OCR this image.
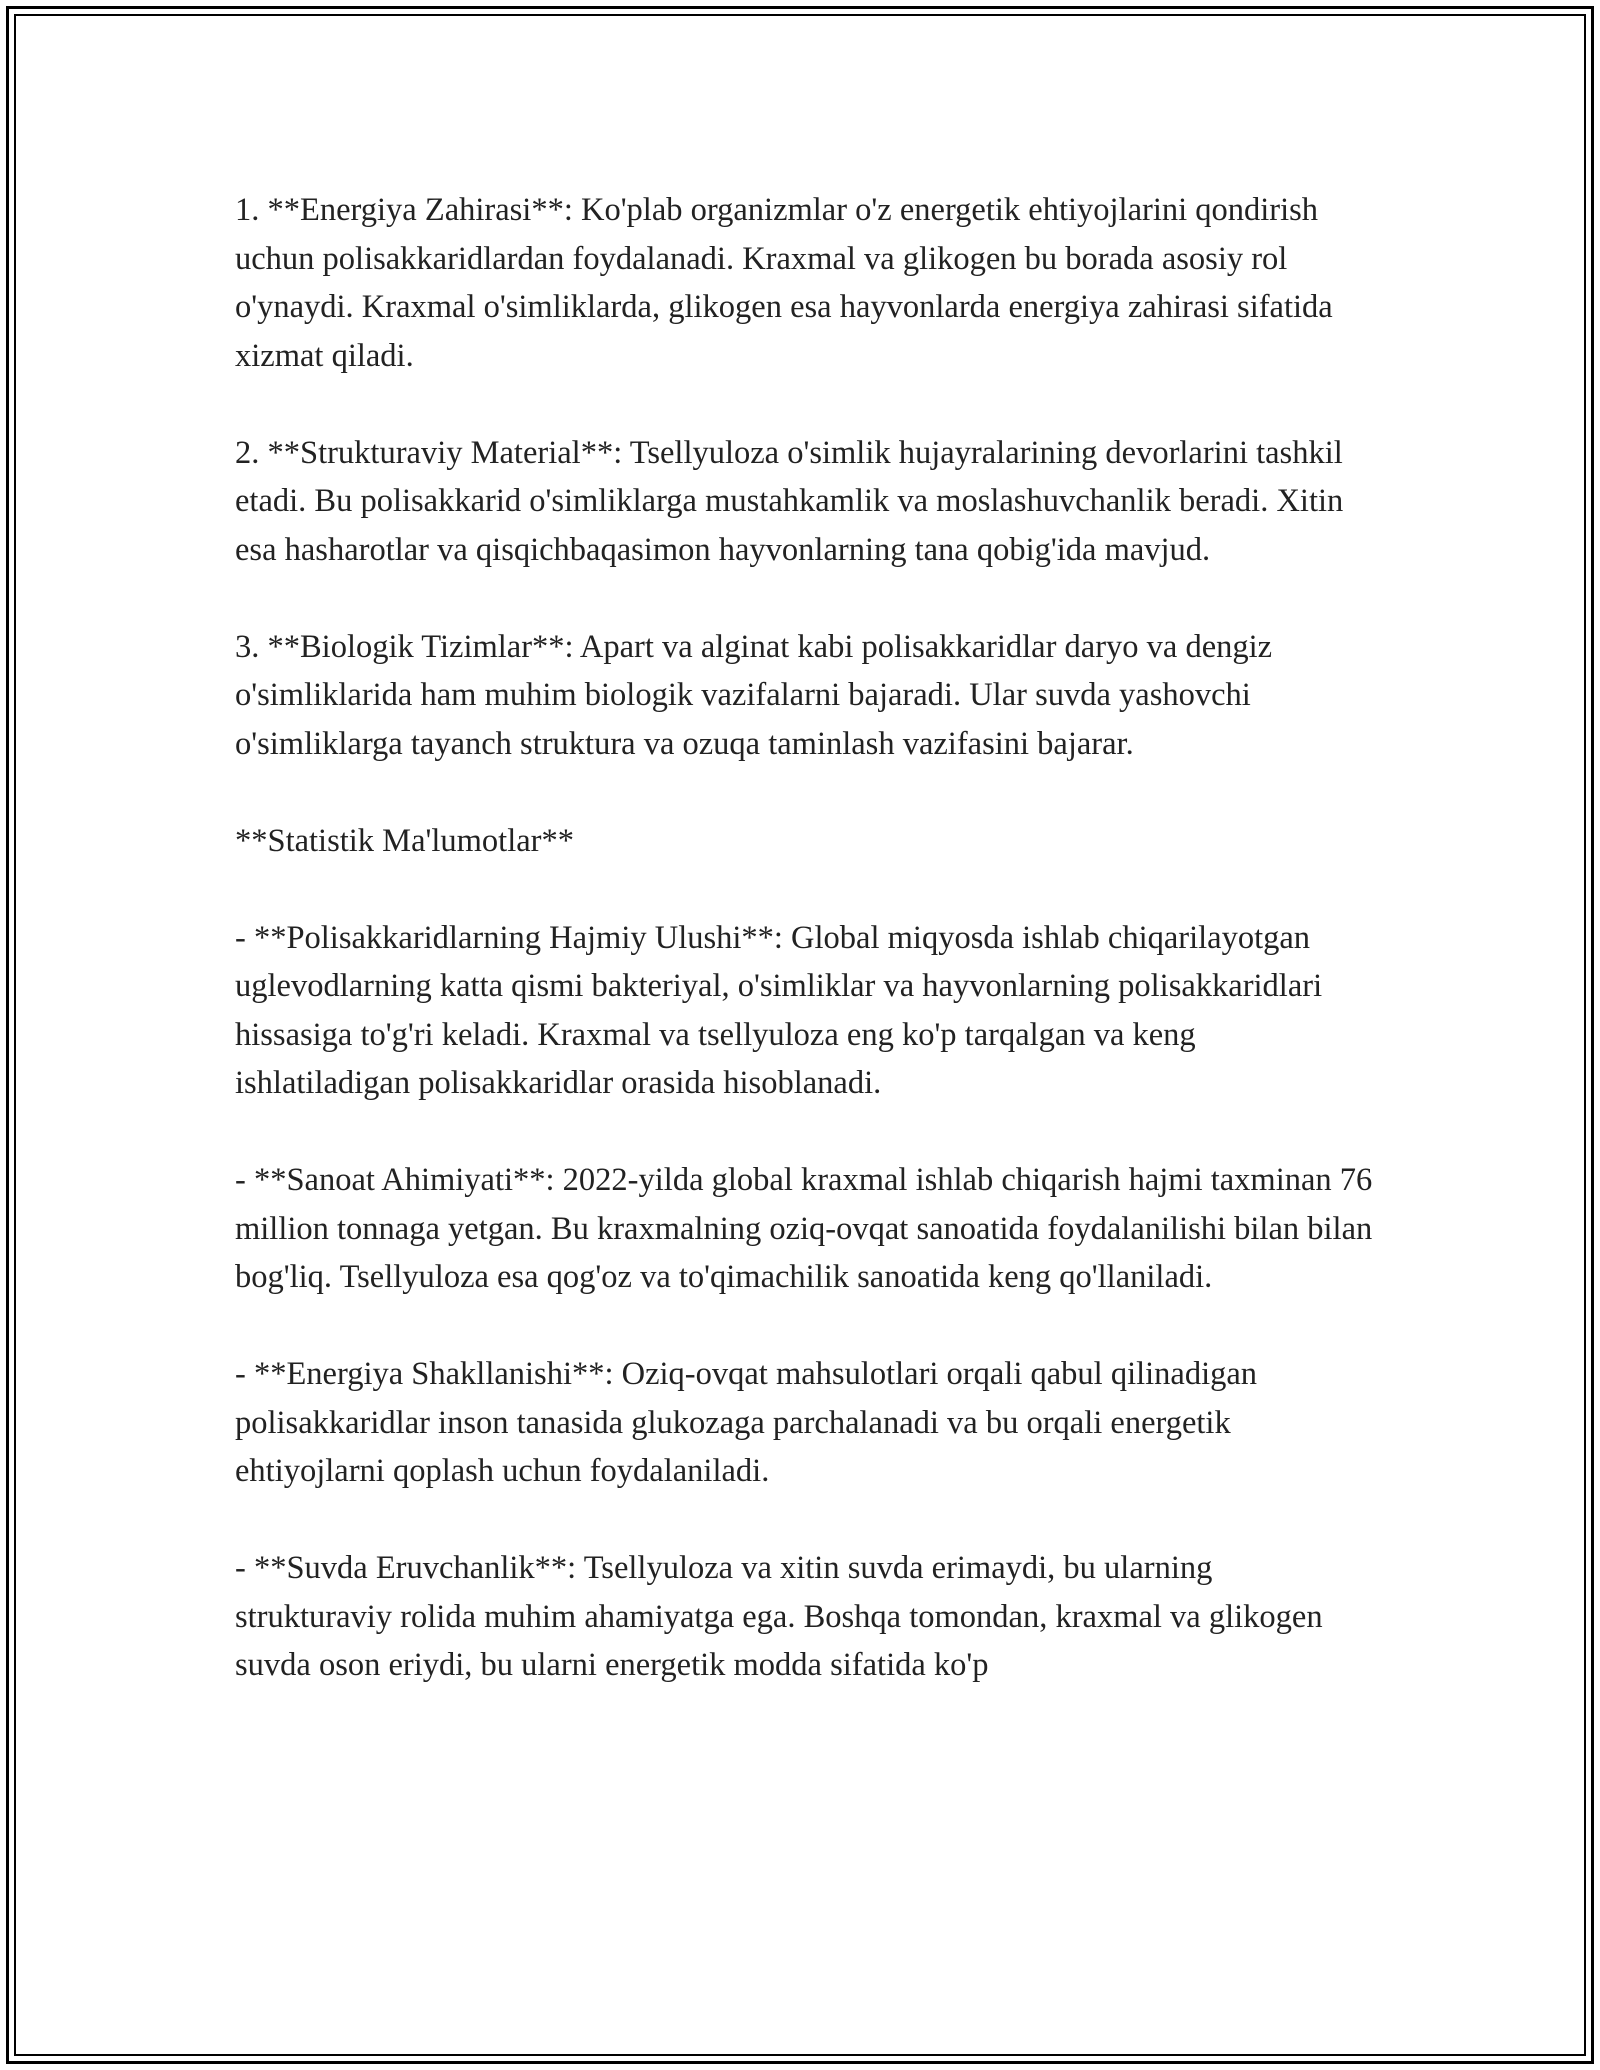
1. **Energiya Zahirasi**: Ko'plab organizmlar o'z energetik ehtiyojlarini qondirish uchun polisakkaridlardan foydalanadi. Kraxmal va glikogen bu borada asosiy rol o'ynaydi. Kraxmal o'simliklarda, glikogen esa hayvonlarda energiya zahirasi sifatida xizmat qiladi.

2. **Strukturaviy Material**: Tsellyuloza o'simlik hujayralarining devorlarini tashkil etadi. Bu polisakkarid o'simliklarga mustahkamlik va moslashuvchanlik beradi. Xitin esa hasharotlar va qisqichbaqasimon hayvonlarning tana qobig'ida mavjud.

3. **Biologik Tizimlar**: Apart va alginat kabi polisakkaridlar daryo va dengiz o'simliklarida ham muhim biologik vazifalarni bajaradi. Ular suvda yashovchi o'simliklarga tayanch struktura va ozuqa taminlash vazifasini bajarar.

**Statistik Ma'lumotlar**

- **Polisakkaridlarning Hajmiy Ulushi**: Global miqyosda ishlab chiqarilayotgan uglevodlarning katta qismi bakteriyal, o'simliklar va hayvonlarning polisakkaridlari hissasiga to'g'ri keladi. Kraxmal va tsellyuloza eng ko'p tarqalgan va keng ishlatiladigan polisakkaridlar orasida hisoblanadi.

- **Sanoat Ahimiyati**: 2022-yilda global kraxmal ishlab chiqarish hajmi taxminan 76 million tonnaga yetgan. Bu kraxmalning oziq-ovqat sanoatida foydalanilishi bilan bilan bog'liq. Tsellyuloza esa qog'oz va to'qimachilik sanoatida keng qo'llaniladi.

- **Energiya Shakllanishi**: Oziq-ovqat mahsulotlari orqali qabul qilinadigan polisakkaridlar inson tanasida glukozaga parchalanadi va bu orqali energetik ehtiyojlarni qoplash uchun foydalaniladi.

- **Suvda Eruvchanlik**: Tsellyuloza va xitin suvda erimaydi, bu ularning strukturaviy rolida muhim ahamiyatga ega. Boshqa tomondan, kraxmal va glikogen suvda oson eriydi, bu ularni energetik modda sifatida ko'p
